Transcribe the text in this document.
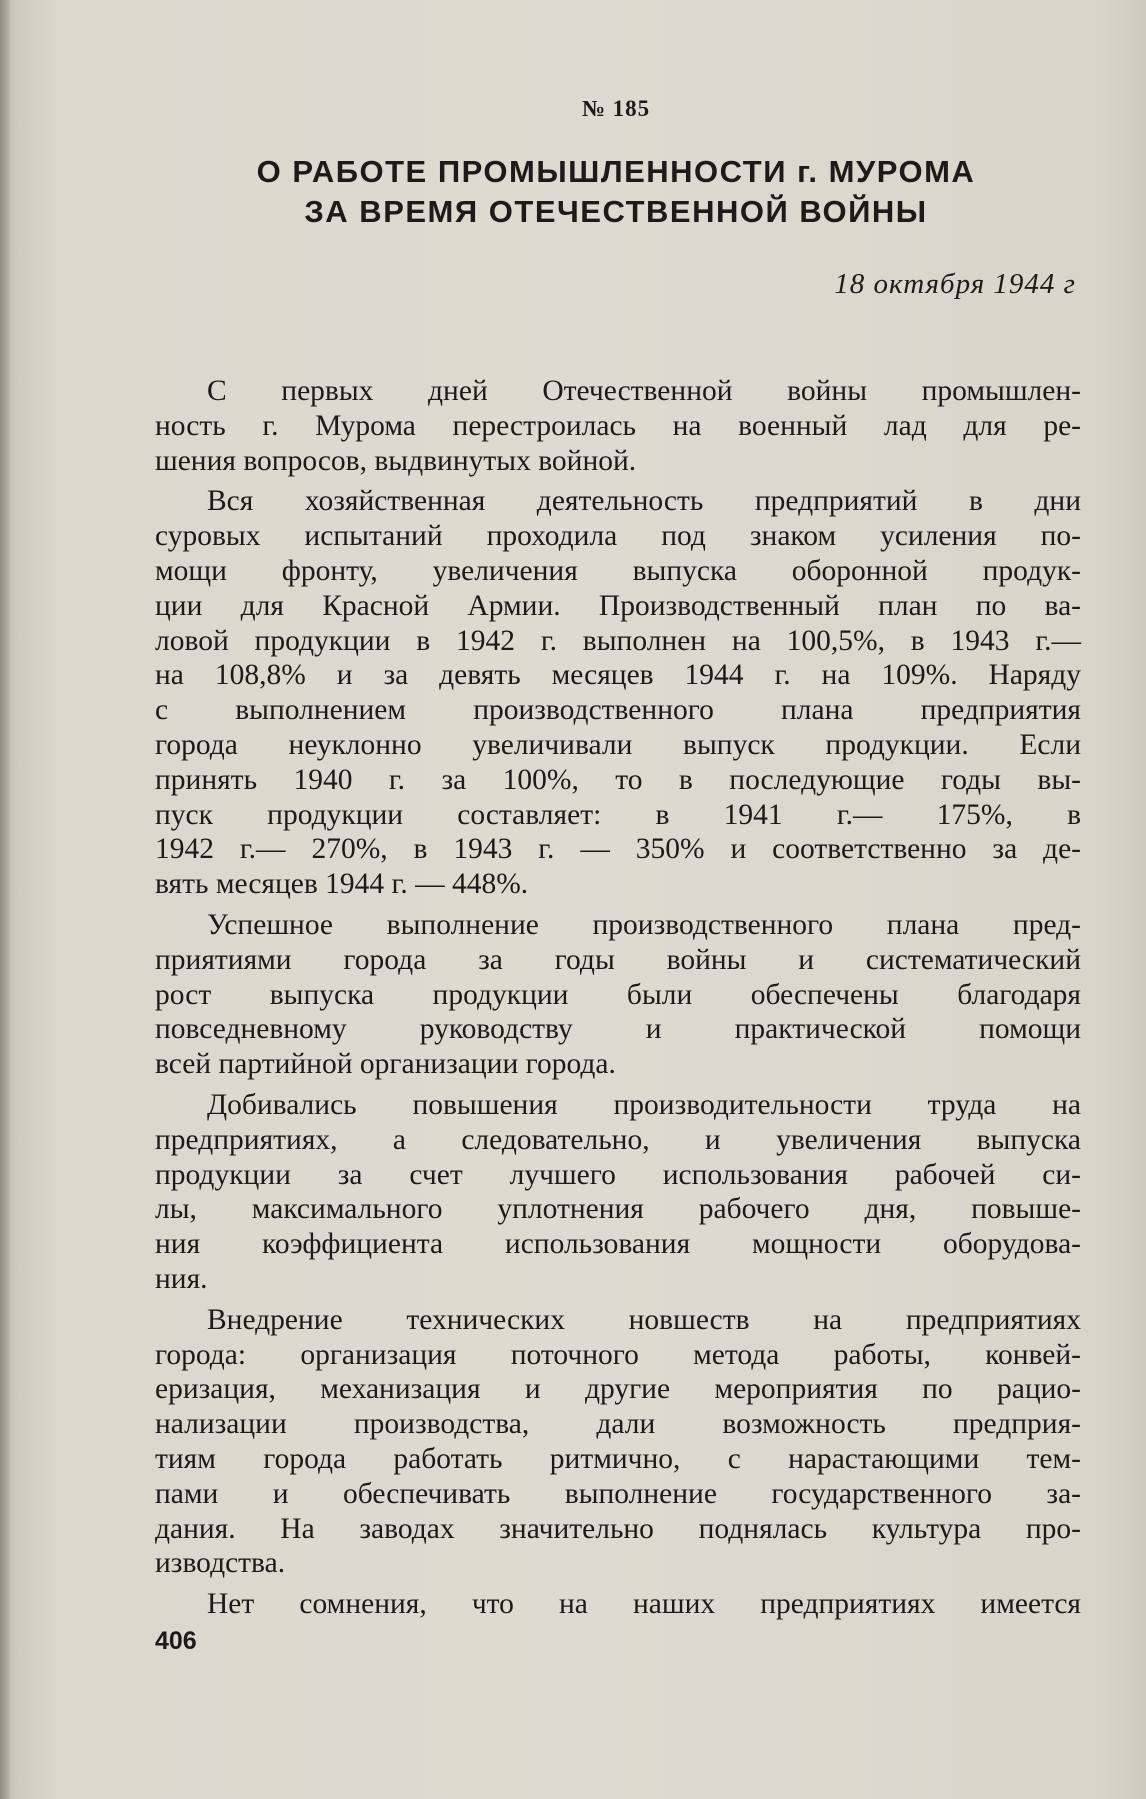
№ 185
О РАБОТЕ ПРОМЫШЛЕННОСТИ г. МУРОМА
ЗА ВРЕМЯ ОТЕЧЕСТВЕННОЙ ВОЙНЫ
18 октября 1944 г
С первых дней Отечественной войны промышлен-
ность г. Мурома перестроилась на военный лад для ре-
шения вопросов, выдвинутых войной.
Вся хозяйственная деятельность предприятий в дни
суровых испытаний проходила под знаком усиления по-
мощи фронту, увеличения выпуска оборонной продук-
ции для Красной Армии. Производственный план по ва-
ловой продукции в 1942 г. выполнен на 100,5%, в 1943 г.—
на 108,8% и за девять месяцев 1944 г. на 109%. Наряду
с выполнением производственного плана предприятия
города неуклонно увеличивали выпуск продукции. Если
принять 1940 г. за 100%, то в последующие годы вы-
пуск продукции составляет: в 1941 г.— 175%, в
1942 г.— 270%, в 1943 г. — 350% и соответственно за де-
вять месяцев 1944 г. — 448%.
Успешное выполнение производственного плана пред-
приятиями города за годы войны и систематический
рост выпуска продукции были обеспечены благодаря
повседневному руководству и практической помощи
всей партийной организации города.
Добивались повышения производительности труда на
предприятиях, а следовательно, и увеличения выпуска
продукции за счет лучшего использования рабочей си-
лы, максимального уплотнения рабочего дня, повыше-
ния коэффициента использования мощности оборудова-
ния.
Внедрение технических новшеств на предприятиях
города: организация поточного метода работы, конвей-
еризация, механизация и другие мероприятия по рацио-
нализации производства, дали возможность предприя-
тиям города работать ритмично, с нарастающими тем-
пами и обеспечивать выполнение государственного за-
дания. На заводах значительно поднялась культура про-
изводства.
Нет сомнения, что на наших предприятиях имеется
406
